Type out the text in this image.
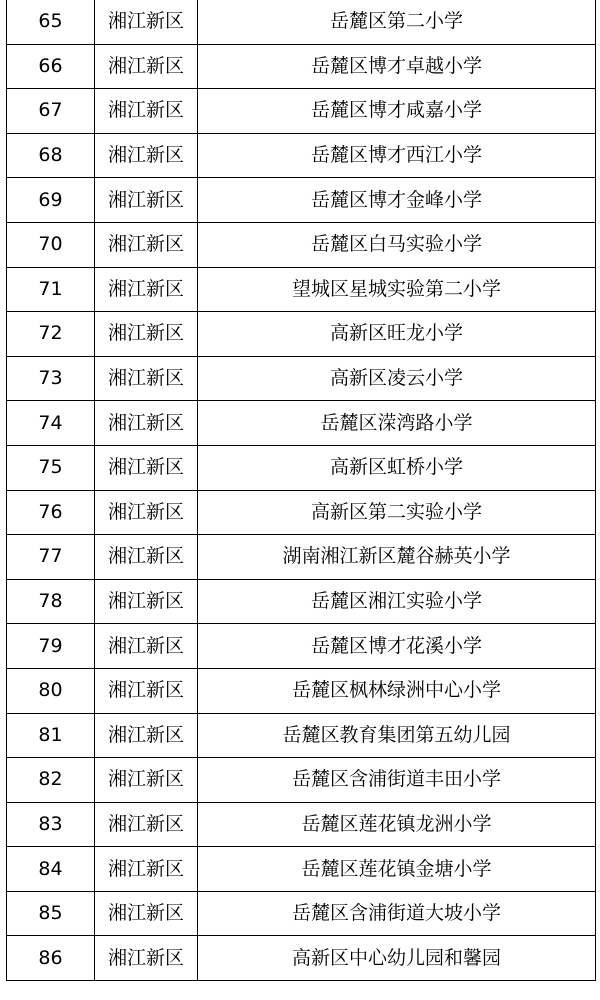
65	湘江新区	岳麓区第二小学
66	湘江新区	岳麓区博才卓越小学
67	湘江新区	岳麓区博才咸嘉小学
68	湘江新区	岳麓区博才西江小学
69	湘江新区	岳麓区博才金峰小学
70	湘江新区	岳麓区白马实验小学
71	湘江新区	望城区星城实验第二小学
72	湘江新区	高新区旺龙小学
73	湘江新区	高新区凌云小学
74	湘江新区	岳麓区溁湾路小学
75	湘江新区	高新区虹桥小学
76	湘江新区	高新区第二实验小学
77	湘江新区	湖南湘江新区麓谷赫英小学
78	湘江新区	岳麓区湘江实验小学
79	湘江新区	岳麓区博才花溪小学
80	湘江新区	岳麓区枫林绿洲中心小学
81	湘江新区	岳麓区教育集团第五幼儿园
82	湘江新区	岳麓区含浦街道丰田小学
83	湘江新区	岳麓区莲花镇龙洲小学
84	湘江新区	岳麓区莲花镇金塘小学
85	湘江新区	岳麓区含浦街道大坡小学
86	湘江新区	高新区中心幼儿园和馨园
